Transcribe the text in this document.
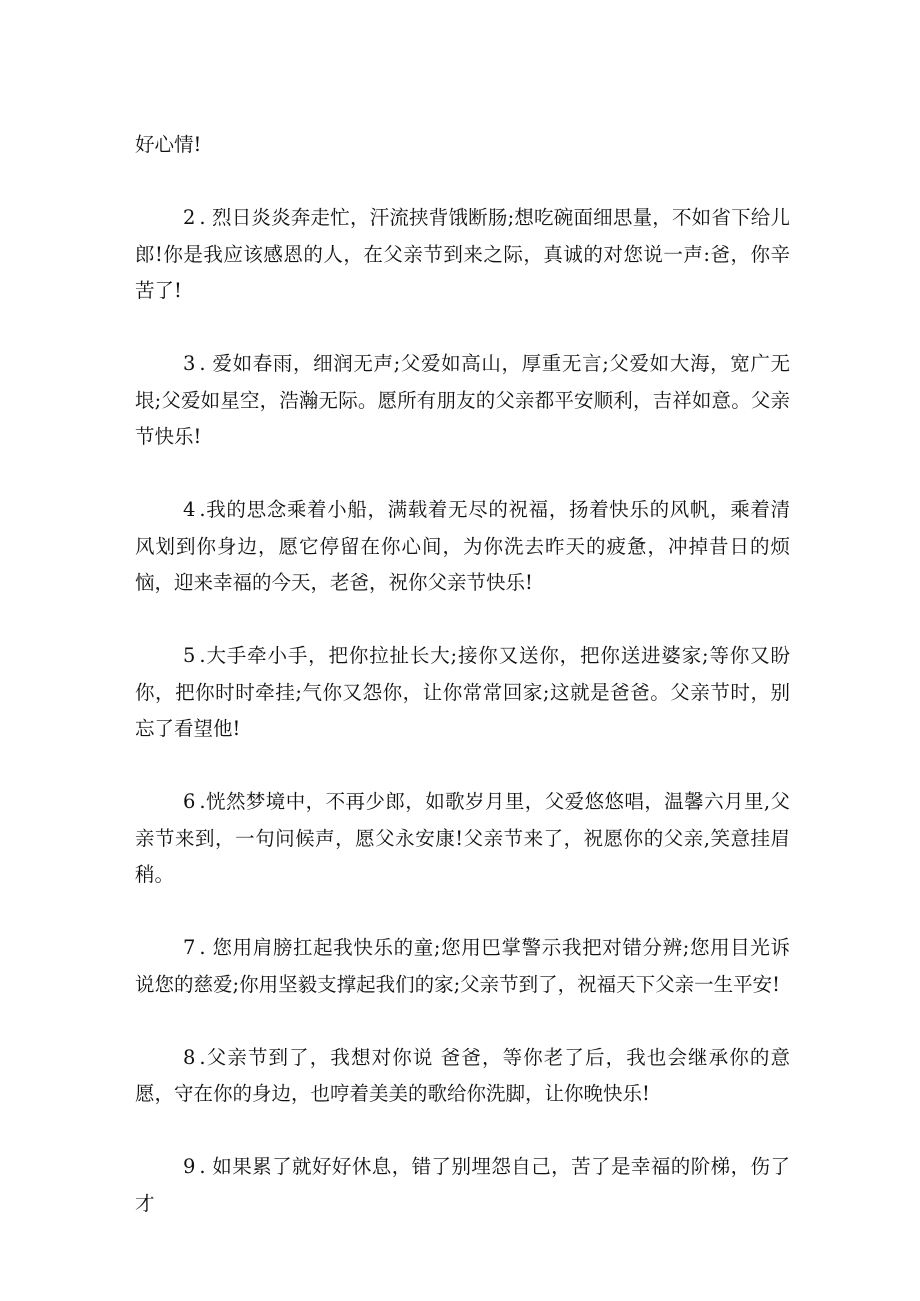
好心情!

2 . 烈日炎炎奔走忙，汗流挟背饿断肠;想吃碗面细思量，不如省下给儿郎!你是我应该感恩的人，在父亲节到来之际，真诚的对您说一声:爸，你辛苦了!

3 . 爱如春雨，细润无声;父爱如高山，厚重无言;父爱如大海，宽广无垠;父爱如星空，浩瀚无际。愿所有朋友的父亲都平安顺利，吉祥如意。父亲节快乐!

4 .我的思念乘着小船，满载着无尽的祝福，扬着快乐的风帆，乘着清风划到你身边，愿它停留在你心间，为你洗去昨天的疲惫，冲掉昔日的烦恼，迎来幸福的今天，老爸，祝你父亲节快乐!

5 .大手牵小手，把你拉扯长大;接你又送你，把你送进婆家;等你又盼你，把你时时牵挂;气你又怨你，让你常常回家;这就是爸爸。父亲节时，别忘了看望他!

6 .恍然梦境中，不再少郎，如歌岁月里，父爱悠悠唱，温馨六月里,父亲节来到，一句问候声，愿父永安康!父亲节来了，祝愿你的父亲,笑意挂眉稍。

7 . 您用肩膀扛起我快乐的童;您用巴掌警示我把对错分辨;您用目光诉说您的慈爱;你用坚毅支撑起我们的家;父亲节到了，祝福天下父亲一生平安!

8 .父亲节到了，我想对你说 爸爸，等你老了后，我也会继承你的意愿，守在你的身边，也哼着美美的歌给你洗脚，让你晚快乐!

9 . 如果累了就好好休息，错了别埋怨自己，苦了是幸福的阶梯，伤了才
